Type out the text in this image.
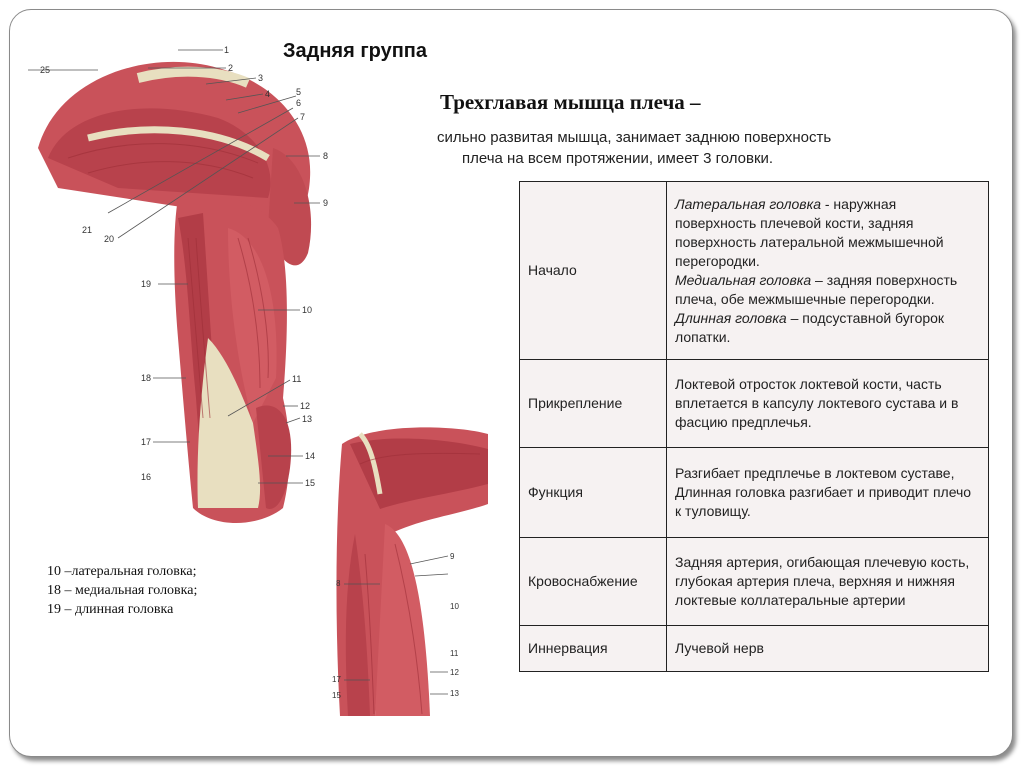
Задняя группа
1
2
3
4	5
6
7
8
9
10
11
12
13
14
15
16
17
18
19
20
21
25
8
9
10
11
12
13
15
17
10 –латеральная головка;
18 – медиальная головка;
19 – длинная головка
Трехглавая мышца плеча –
сильно развитая мышца, занимает заднюю поверхность
плеча на всем протяжении, имеет 3 головки.
Начало	Латеральная головка - наружная поверхность плечевой кости, задняя поверхность латеральной межмышечной перегородки.
Медиальная головка – задняя поверхность плеча, обе межмышечные перегородки.
Длинная головка – подсуставной бугорок лопатки.
Прикрепление	Локтевой отросток локтевой кости, часть вплетается в капсулу локтевого сустава и в фасцию предплечья.
Функция	Разгибает предплечье в локтевом суставе, Длинная головка разгибает и приводит плечо к туловищу.
Кровоснабжение	Задняя артерия, огибающая плечевую кость, глубокая артерия плеча, верхняя и нижняя локтевые коллатеральные артерии
Иннервация	Лучевой нерв
